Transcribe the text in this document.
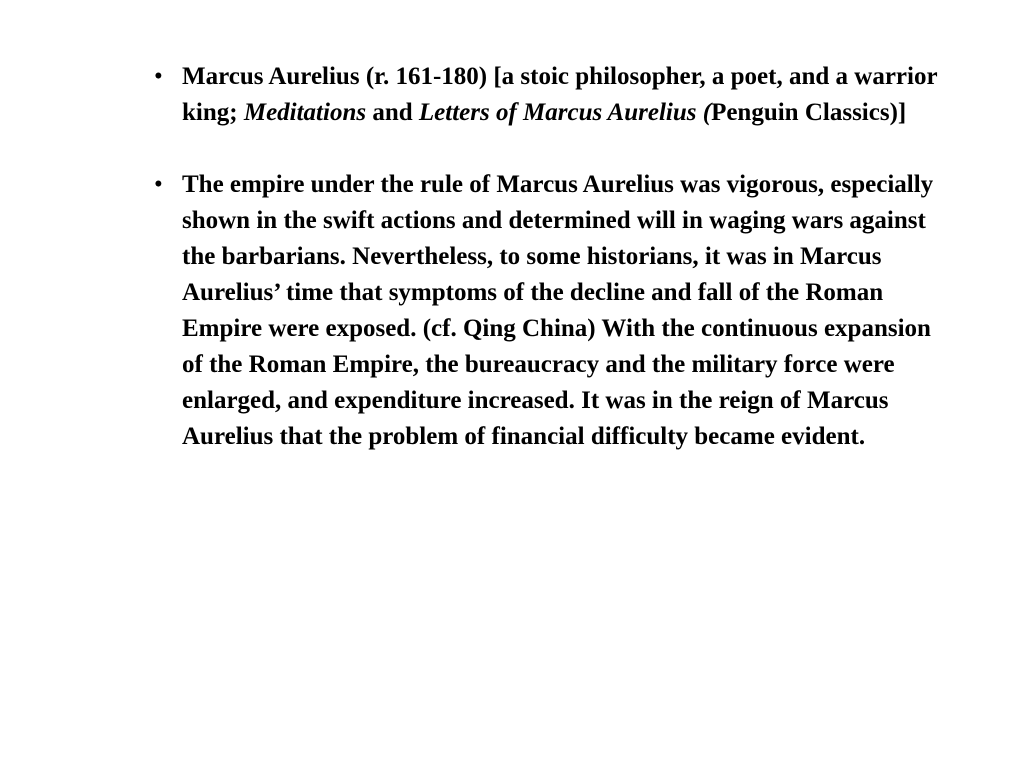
• Marcus Aurelius (r. 161-180) [a stoic philosopher, a poet, and a warrior king; Meditations and Letters of Marcus Aurelius (Penguin Classics)]

• The empire under the rule of Marcus Aurelius was vigorous, especially shown in the swift actions and determined will in waging wars against the barbarians. Nevertheless, to some historians, it was in Marcus Aurelius’ time that symptoms of the decline and fall of the Roman Empire were exposed. (cf. Qing China) With the continuous expansion of the Roman Empire, the bureaucracy and the military force were enlarged, and expenditure increased. It was in the reign of Marcus Aurelius that the problem of financial difficulty became evident.
